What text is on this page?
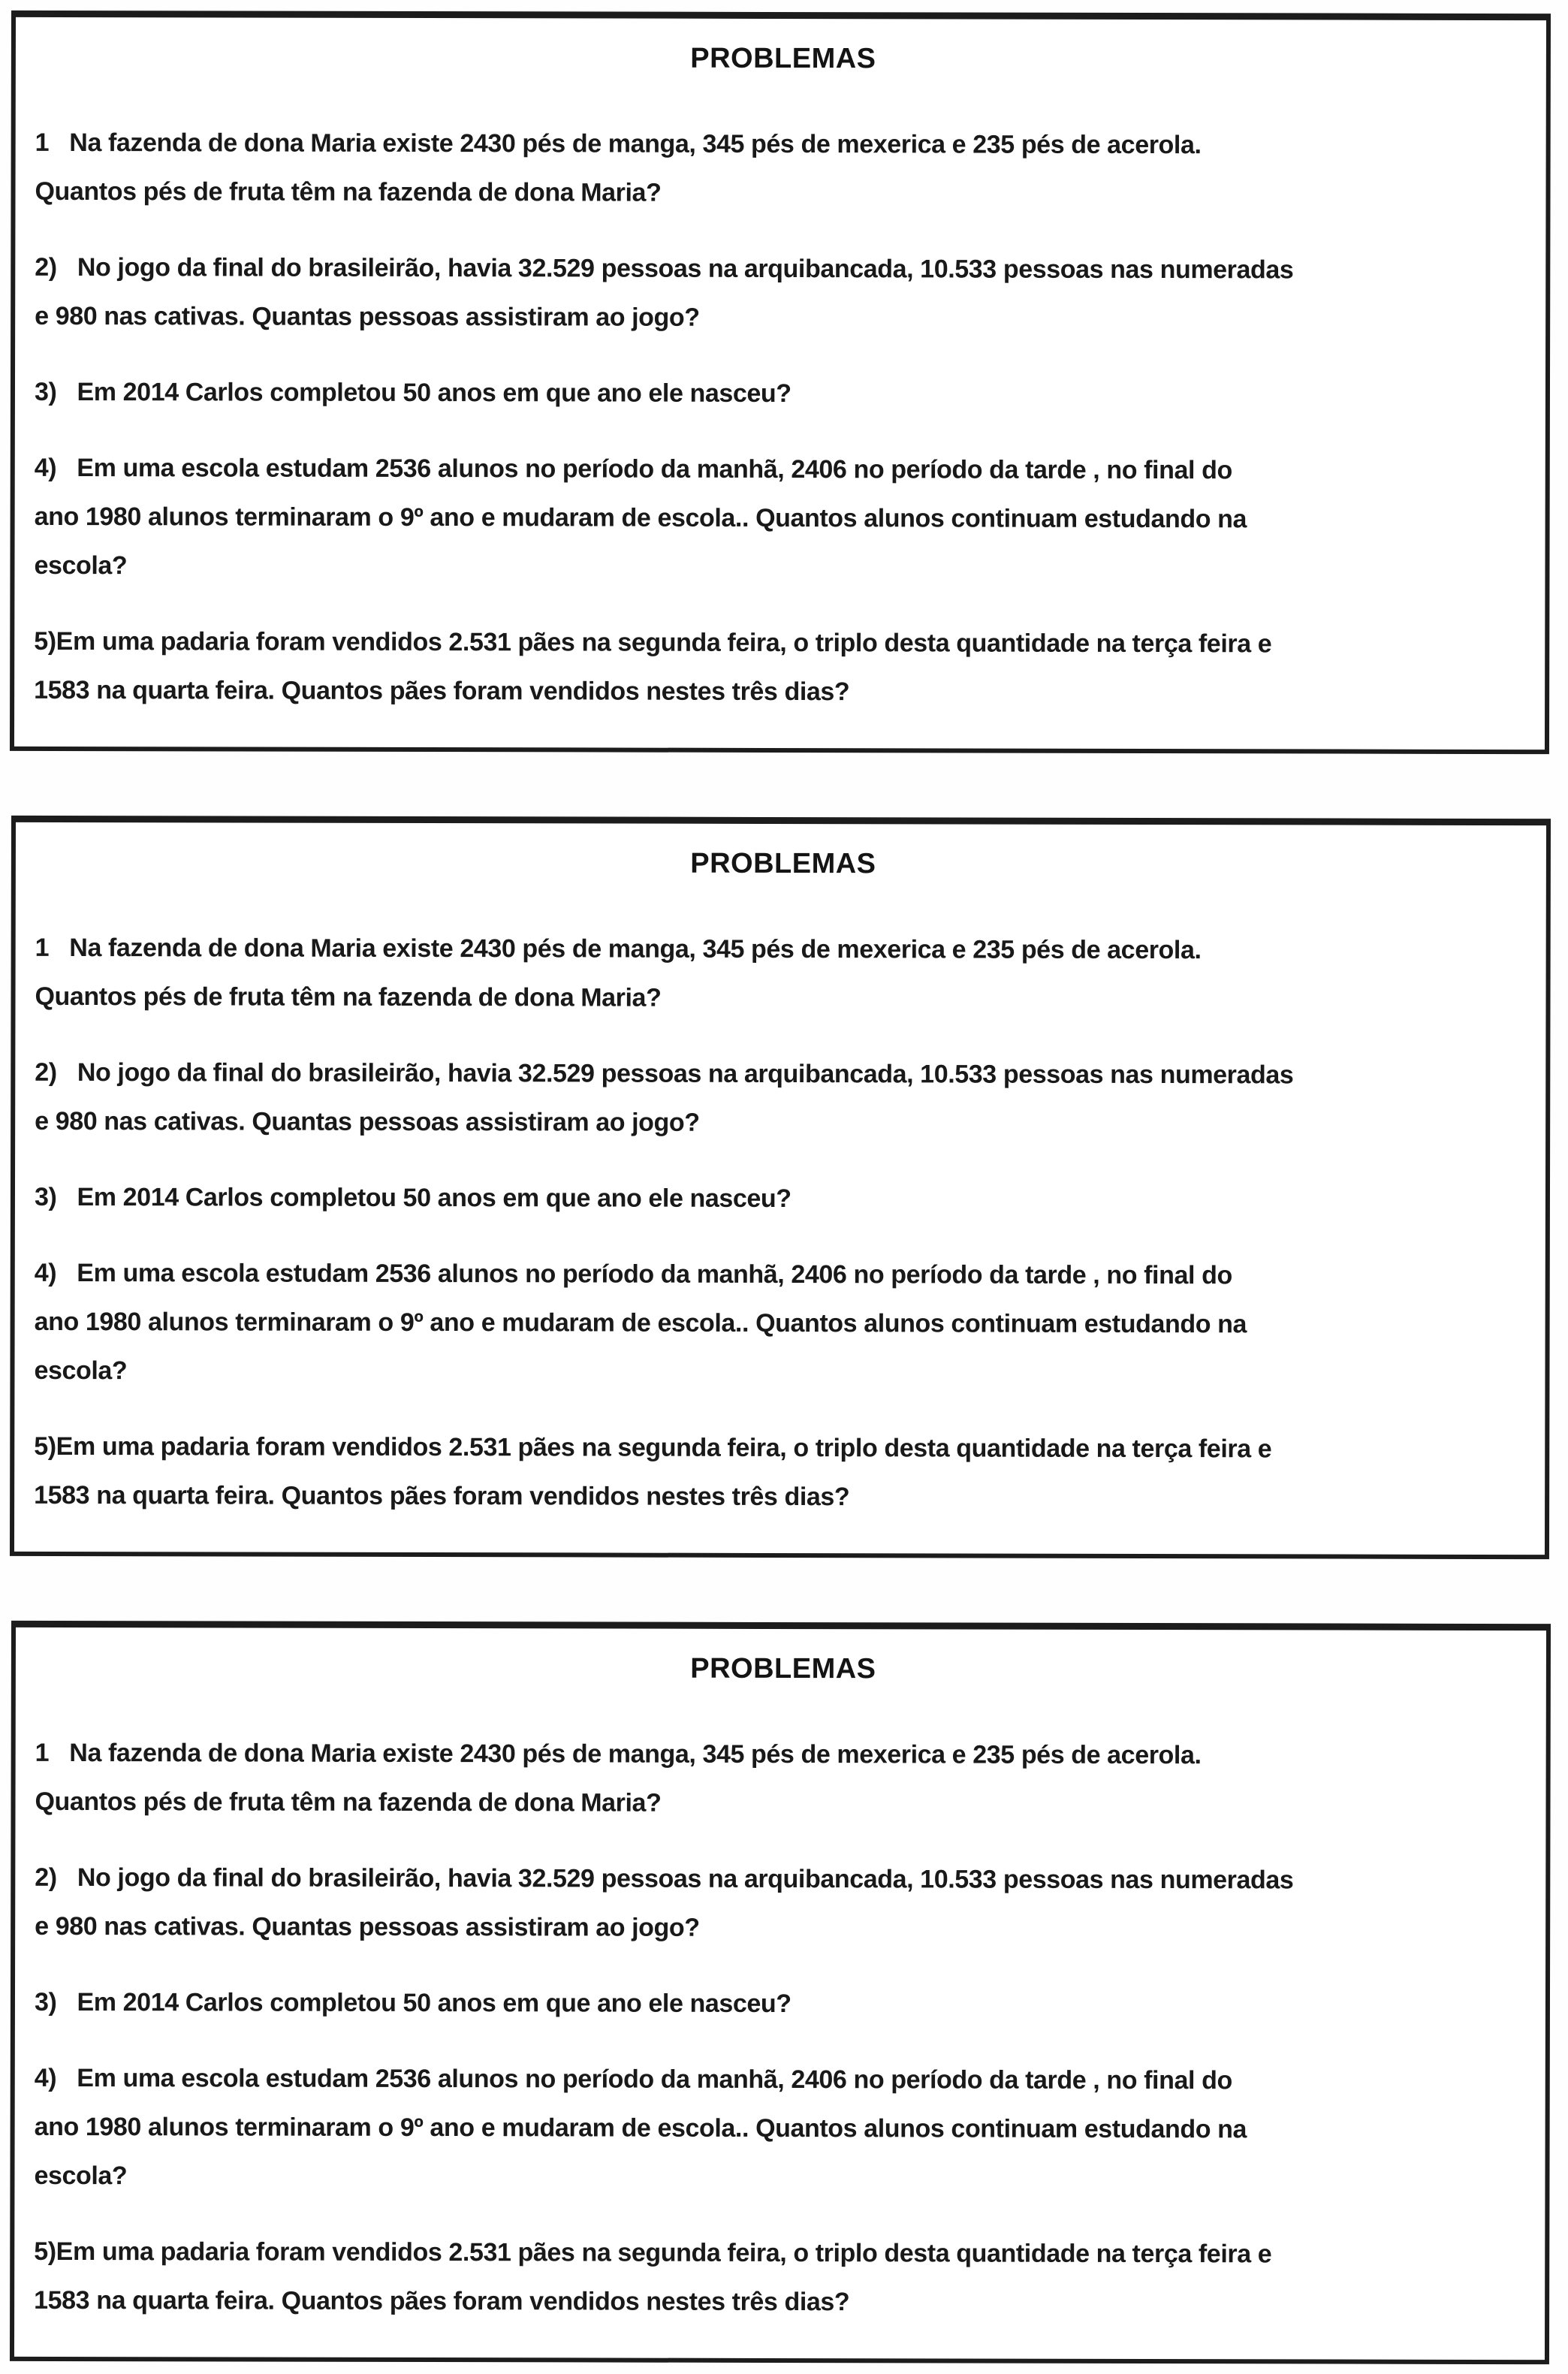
PROBLEMAS

1   Na fazenda de dona Maria existe 2430 pés de manga, 345 pés de mexerica e 235 pés de acerola.
Quantos pés de fruta têm na fazenda de dona Maria?

2)   No jogo da final do brasileirão, havia 32.529 pessoas na arquibancada, 10.533 pessoas nas numeradas
e 980 nas cativas. Quantas pessoas assistiram ao jogo?

3)   Em 2014 Carlos completou 50 anos em que ano ele nasceu?

4)   Em uma escola estudam 2536 alunos no período da manhã, 2406 no período da tarde , no final do
ano 1980 alunos terminaram o 9º ano e mudaram de escola.. Quantos alunos continuam estudando na
escola?

5)Em uma padaria foram vendidos 2.531 pães na segunda feira, o triplo desta quantidade na terça feira e
1583 na quarta feira. Quantos pães foram vendidos nestes três dias?

PROBLEMAS

1   Na fazenda de dona Maria existe 2430 pés de manga, 345 pés de mexerica e 235 pés de acerola.
Quantos pés de fruta têm na fazenda de dona Maria?

2)   No jogo da final do brasileirão, havia 32.529 pessoas na arquibancada, 10.533 pessoas nas numeradas
e 980 nas cativas. Quantas pessoas assistiram ao jogo?

3)   Em 2014 Carlos completou 50 anos em que ano ele nasceu?

4)   Em uma escola estudam 2536 alunos no período da manhã, 2406 no período da tarde , no final do
ano 1980 alunos terminaram o 9º ano e mudaram de escola.. Quantos alunos continuam estudando na
escola?

5)Em uma padaria foram vendidos 2.531 pães na segunda feira, o triplo desta quantidade na terça feira e
1583 na quarta feira. Quantos pães foram vendidos nestes três dias?

PROBLEMAS

1   Na fazenda de dona Maria existe 2430 pés de manga, 345 pés de mexerica e 235 pés de acerola.
Quantos pés de fruta têm na fazenda de dona Maria?

2)   No jogo da final do brasileirão, havia 32.529 pessoas na arquibancada, 10.533 pessoas nas numeradas
e 980 nas cativas. Quantas pessoas assistiram ao jogo?

3)   Em 2014 Carlos completou 50 anos em que ano ele nasceu?

4)   Em uma escola estudam 2536 alunos no período da manhã, 2406 no período da tarde , no final do
ano 1980 alunos terminaram o 9º ano e mudaram de escola.. Quantos alunos continuam estudando na
escola?

5)Em uma padaria foram vendidos 2.531 pães na segunda feira, o triplo desta quantidade na terça feira e
1583 na quarta feira. Quantos pães foram vendidos nestes três dias?
